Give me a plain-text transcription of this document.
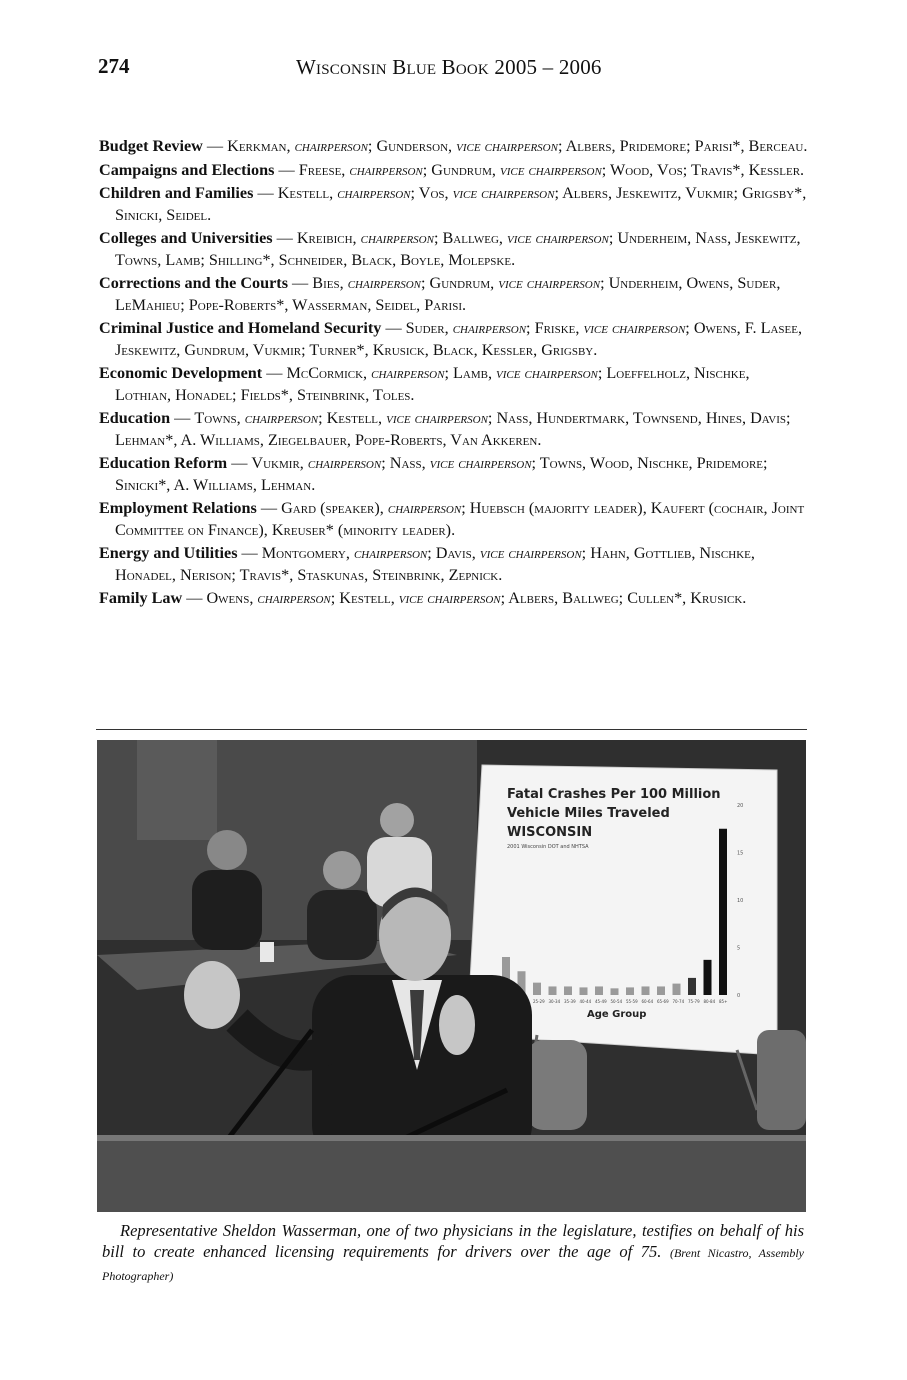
274	Wisconsin Blue Book 2005 – 2006

Budget Review — Kerkman, chairperson; Gunderson, vice chairperson; Albers, Pridemore; Parisi*, Berceau.

Campaigns and Elections — Freese, chairperson; Gundrum, vice chairperson; Wood, Vos; Travis*, Kessler.

Children and Families — Kestell, chairperson; Vos, vice chairperson; Albers, Jeskewitz, Vukmir; Grigsby*, Sinicki, Seidel.

Colleges and Universities — Kreibich, chairperson; Ballweg, vice chairperson; Underheim, Nass, Jeskewitz, Towns, Lamb; Shilling*, Schneider, Black, Boyle, Molepske.

Corrections and the Courts — Bies, chairperson; Gundrum, vice chairperson; Underheim, Owens, Suder, LeMahieu; Pope-Roberts*, Wasserman, Seidel, Parisi.

Criminal Justice and Homeland Security — Suder, chairperson; Friske, vice chairperson; Owens, F. Lasee, Jeskewitz, Gundrum, Vukmir; Turner*, Krusick, Black, Kessler, Grigsby.

Economic Development — McCormick, chairperson; Lamb, vice chairperson; Loeffelholz, Nischke, Lothian, Honadel; Fields*, Steinbrink, Toles.

Education — Towns, chairperson; Kestell, vice chairperson; Nass, Hundertmark, Townsend, Hines, Davis; Lehman*, A. Williams, Ziegelbauer, Pope-Roberts, Van Akkeren.

Education Reform — Vukmir, chairperson; Nass, vice chairperson; Towns, Wood, Nischke, Pridemore; Sinicki*, A. Williams, Lehman.

Employment Relations — Gard (speaker), chairperson; Huebsch (majority leader), Kaufert (cochair, Joint Committee on Finance), Kreuser* (minority leader).

Energy and Utilities — Montgomery, chairperson; Davis, vice chairperson; Hahn, Gottlieb, Nischke, Honadel, Nerison; Travis*, Staskunas, Steinbrink, Zepnick.

Family Law — Owens, chairperson; Kestell, vice chairperson; Albers, Ballweg; Cullen*, Krusick.

Fatal Crashes Per 100 Million
Vehicle Miles Traveled
WISCONSIN
2001 Wisconsin DOT and NHTSA
25-29 30-34 35-39 40-44 45-49 50-54 55-59 60-64 65-69 70-74 75-79 80-84 85+
20
15
10
5
0
Age Group
Representative Sheldon Wasserman, one of two physicians in the legislature, testifies on behalf of his bill to create enhanced licensing requirements for drivers over the age of 75. (Brent Nicastro, Assembly Photographer)
